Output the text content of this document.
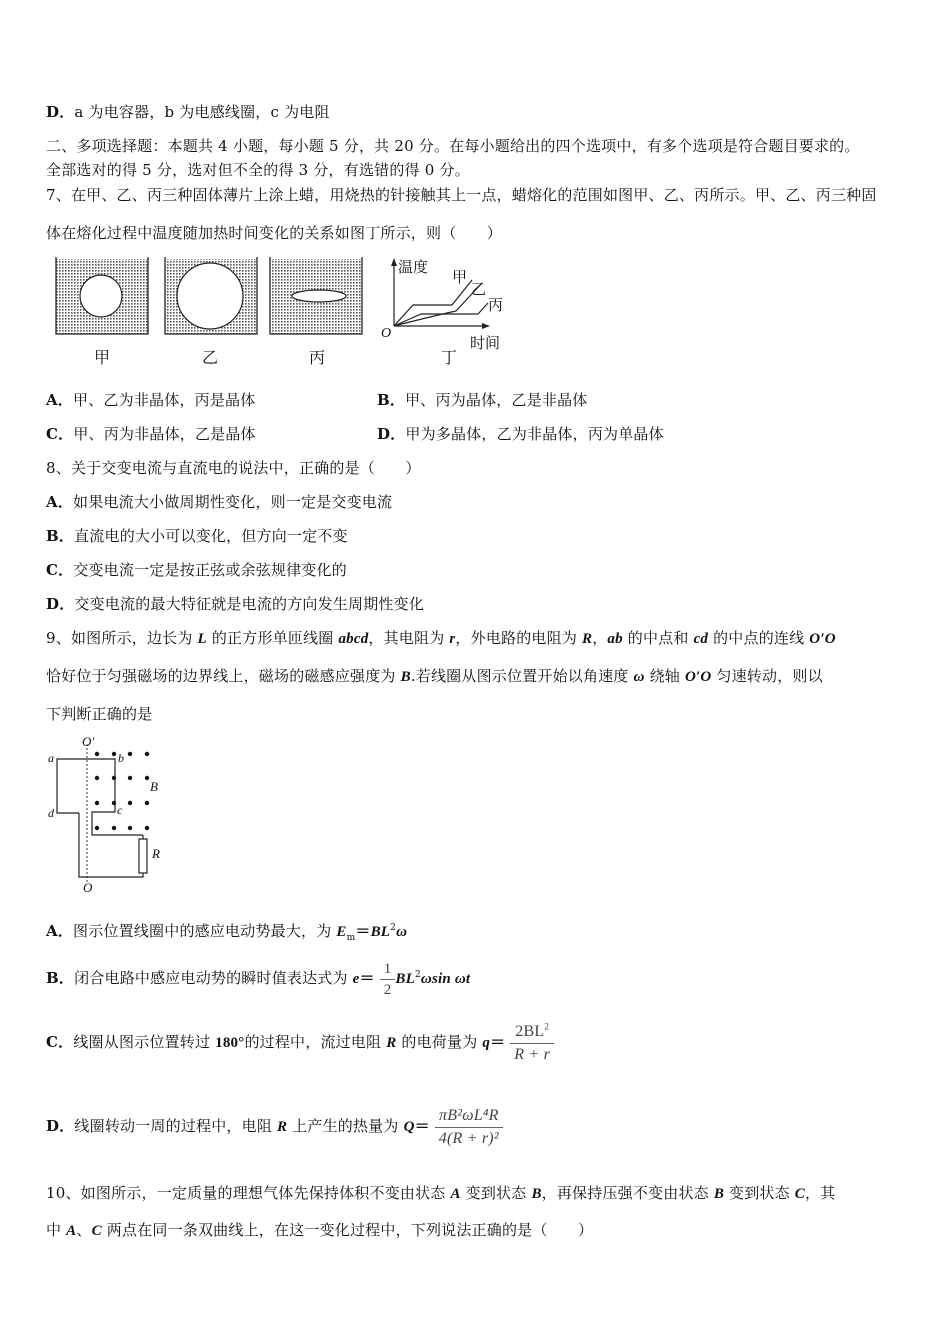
D．a 为电容器，b 为电感线圈，c 为电阻
二、多项选择题：本题共 4 小题，每小题 5 分，共 20 分。在每小题给出的四个选项中，有多个选项是符合题目要求的。
全部选对的得 5 分，选对但不全的得 3 分，有选错的得 0 分。
7、在甲、乙、丙三种固体薄片上涂上蜡，用烧热的针接触其上一点，蜡熔化的范围如图甲、乙、丙所示。甲、乙、丙三种固
体在熔化过程中温度随加热时间变化的关系如图丁所示，则（　　）
甲	乙	丙
温度
甲
乙
丙
O
时间
丁
A．甲、乙为非晶体，丙是晶体	B．甲、丙为晶体，乙是非晶体
C．甲、丙为非晶体，乙是晶体	D．甲为多晶体，乙为非晶体，丙为单晶体
8、关于交变电流与直流电的说法中，正确的是（　　）
A．如果电流大小做周期性变化，则一定是交变电流
B．直流电的大小可以变化，但方向一定不变
C．交变电流一定是按正弦或余弦规律变化的
D．交变电流的最大特征就是电流的方向发生周期性变化
9、如图所示，边长为 L 的正方形单匝线圈 abcd，其电阻为 r，外电路的电阻为 R，ab 的中点和 cd 的中点的连线 O′O
恰好位于匀强磁场的边界线上，磁场的磁感应强度为 B.若线圈从图示位置开始以角速度 ω 绕轴 O′O 匀速转动，则以
下判断正确的是
O′
a	b
c
d
B
R
O
A．图示位置线圈中的感应电动势最大，为 $E_m=BL^2\omega$
B．闭合电路中感应电动势的瞬时值表达式为 $e= \frac{1}{2} BL^2\omega\sin$ ωt
C．线圈从图示位置转过 180°的过程中，流过电阻 R 的电荷量为 $q= \frac{2BL^2}{R + r}$
D．线圈转动一周的过程中，电阻 R 上产生的热量为 $Q= \frac{\text{πB²ωL⁴R}}{\text{4(R + r)²}}$
10、如图所示，一定质量的理想气体先保持体积不变由状态 A 变到状态 B，再保持压强不变由状态 B 变到状态 C，其
中 A、C 两点在同一条双曲线上，在这一变化过程中，下列说法正确的是（　　）
